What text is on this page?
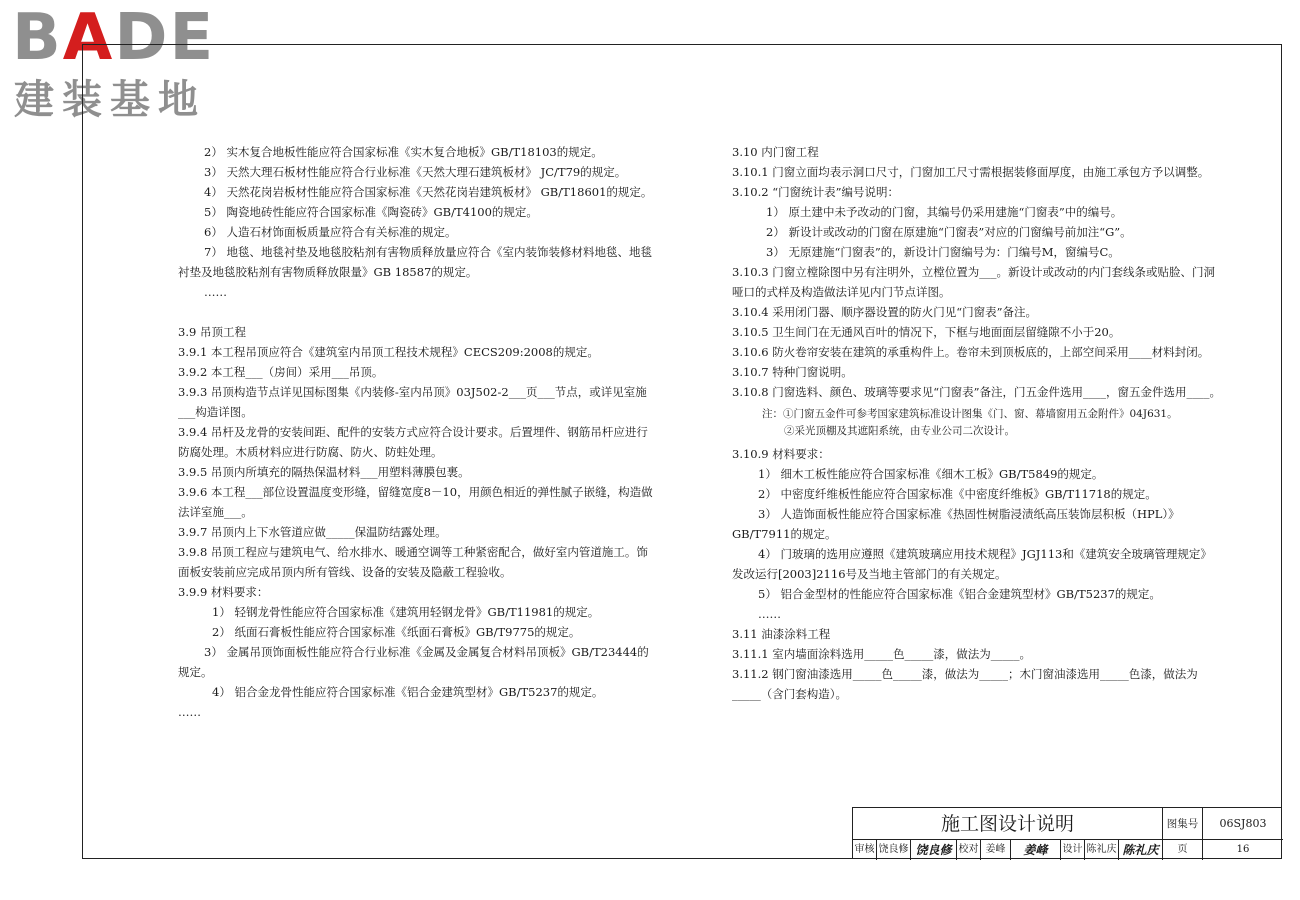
BADE
建装基地

2） 实木复合地板性能应符合国家标准《实木复合地板》GB/T18103的规定。

3） 天然大理石板材性能应符合行业标准《天然大理石建筑板材》 JC/T79的规定。

4） 天然花岗岩板材性能应符合国家标准《天然花岗岩建筑板材》 GB/T18601的规定。

5） 陶瓷地砖性能应符合国家标准《陶瓷砖》GB/T4100的规定。

6） 人造石材饰面板质量应符合有关标准的规定。

7） 地毯、地毯衬垫及地毯胶粘剂有害物质释放量应符合《室内装饰装修材料地毯、地毯衬垫及地毯胶粘剂有害物质释放限量》GB 18587的规定。

……

3.9 吊顶工程

3.9.1 本工程吊顶应符合《建筑室内吊顶工程技术规程》CECS209:2008的规定。

3.9.2 本工程___（房间）采用___吊顶。

3.9.3 吊顶构造节点详见国标图集《内装修-室内吊顶》03J502-2___页___节点，或详见室施___构造详图。

3.9.4 吊杆及龙骨的安装间距、配件的安装方式应符合设计要求。后置埋件、钢筋吊杆应进行防腐处理。木质材料应进行防腐、防火、防蛀处理。

3.9.5 吊顶内所填充的隔热保温材料___用塑料薄膜包裹。

3.9.6 本工程___部位设置温度变形缝，留缝宽度8－10，用颜色相近的弹性腻子嵌缝，构造做法详室施___。

3.9.7 吊顶内上下水管道应做_____保温防结露处理。

3.9.8 吊顶工程应与建筑电气、给水排水、暖通空调等工种紧密配合，做好室内管道施工。饰面板安装前应完成吊顶内所有管线、设备的安装及隐蔽工程验收。

3.9.9 材料要求：

1） 轻钢龙骨性能应符合国家标准《建筑用轻钢龙骨》GB/T11981的规定。

2） 纸面石膏板性能应符合国家标准《纸面石膏板》GB/T9775的规定。

3） 金属吊顶饰面板性能应符合行业标准《金属及金属复合材料吊顶板》GB/T23444的规定。

4） 铝合金龙骨性能应符合国家标准《铝合金建筑型材》GB/T5237的规定。

……

3.10 内门窗工程

3.10.1 门窗立面均表示洞口尺寸，门窗加工尺寸需根据装修面厚度，由施工承包方予以调整。

3.10.2 “门窗统计表”编号说明：

1） 原土建中未予改动的门窗，其编号仍采用建施“门窗表”中的编号。

2） 新设计或改动的门窗在原建施“门窗表”对应的门窗编号前加注“G”。

3） 无原建施“门窗表”的，新设计门窗编号为：门编号M，窗编号C。

3.10.3 门窗立樘除图中另有注明外，立樘位置为___。新设计或改动的内门套线条或贴脸、门洞哑口的式样及构造做法详见内门节点详图。

3.10.4 采用闭门器、顺序器设置的防火门见“门窗表”备注。

3.10.5 卫生间门在无通风百叶的情况下，下框与地面面层留缝隙不小于20。

3.10.6 防火卷帘安装在建筑的承重构件上。卷帘未到顶板底的，上部空间采用____材料封闭。

3.10.7 特种门窗说明。

3.10.8 门窗选料、颜色、玻璃等要求见“门窗表”备注，门五金件选用____，窗五金件选用____。

注：①门窗五金件可参考国家建筑标准设计图集《门、窗、幕墙窗用五金附件》04J631。
②采光顶棚及其遮阳系统，由专业公司二次设计。

3.10.9 材料要求：

1） 细木工板性能应符合国家标准《细木工板》GB/T5849的规定。

2） 中密度纤维板性能应符合国家标准《中密度纤维板》GB/T11718的规定。

3） 人造饰面板性能应符合国家标准《热固性树脂浸渍纸高压装饰层积板（HPL）》GB/T7911的规定。

4） 门玻璃的选用应遵照《建筑玻璃应用技术规程》JGJ113和《建筑安全玻璃管理规定》发改运行[2003]2116号及当地主管部门的有关规定。

5） 铝合金型材的性能应符合国家标准《铝合金建筑型材》GB/T5237的规定。

……

3.11 油漆涂料工程

3.11.1 室内墙面涂料选用_____色_____漆，做法为_____。

3.11.2 钢门窗油漆选用_____色_____漆，做法为_____；木门窗油漆选用_____色漆，做法为_____（含门套构造）。

施工图设计说明	图集号	06SJ803
审核 饶良修 饶良修 校对 姜峰	姜峰	设计 陈礼庆 陈礼庆	页	16
